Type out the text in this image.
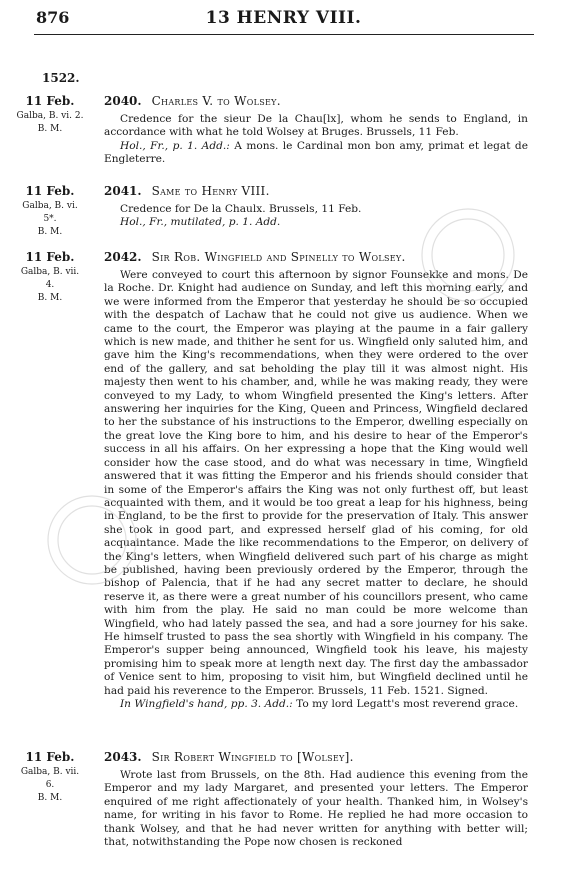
876	13 HENRY VIII.
1522.
11 Feb.
Galba, B. vi. 2.
B. M.
2040. Charles V. to Wolsey.

Credence for the sieur De la Chau[lx], whom he sends to England, in accordance with what he told Wolsey at Bruges. Brussels, 11 Feb.

Hol., Fr., p. 1. Add.: A mons. le Cardinal mon bon amy, primat et legat de Engleterre.

11 Feb.
Galba, B. vi.
5*.
B. M.
2041. Same to Henry VIII.

Credence for De la Chaulx. Brussels, 11 Feb.

Hol., Fr., mutilated, p. 1. Add.

11 Feb.
Galba, B. vii.
4.
B. M.
2042. Sir Rob. Wingfield and Spinelly to Wolsey.

Were conveyed to court this afternoon by signor Founsekke and mons. De la Roche. Dr. Knight had audience on Sunday, and left this morning early, and we were informed from the Emperor that yesterday he should be so occupied with the despatch of Lachaw that he could not give us audience. When we came to the court, the Emperor was playing at the paume in a fair gallery which is new made, and thither he sent for us. Wingfield only saluted him, and gave him the King's recommendations, when they were ordered to the over end of the gallery, and sat beholding the play till it was almost night. His majesty then went to his chamber, and, while he was making ready, they were conveyed to my Lady, to whom Wingfield presented the King's letters. After answering her inquiries for the King, Queen and Princess, Wingfield declared to her the substance of his instructions to the Emperor, dwelling especially on the great love the King bore to him, and his desire to hear of the Emperor's success in all his affairs. On her expressing a hope that the King would well consider how the case stood, and do what was necessary in time, Wingfield answered that it was fitting the Emperor and his friends should consider that in some of the Emperor's affairs the King was not only furthest off, but least acquainted with them, and it would be too great a leap for his highness, being in England, to be the first to provide for the preservation of Italy. This answer she took in good part, and expressed herself glad of his coming, for old acquaintance. Made the like recommendations to the Emperor, on delivery of the King's letters, when Wingfield delivered such part of his charge as might be published, having been previously ordered by the Emperor, through the bishop of Palencia, that if he had any secret matter to declare, he should reserve it, as there were a great number of his councillors present, who came with him from the play. He said no man could be more welcome than Wingfield, who had lately passed the sea, and had a sore journey for his sake. He himself trusted to pass the sea shortly with Wingfield in his company. The Emperor's supper being announced, Wingfield took his leave, his majesty promising him to speak more at length next day. The first day the ambassador of Venice sent to him, proposing to visit him, but Wingfield declined until he had paid his reverence to the Emperor. Brussels, 11 Feb. 1521. Signed.

In Wingfield's hand, pp. 3. Add.: To my lord Legatt's most reverend grace.

11 Feb.
Galba, B. vii.
6.
B. M.
2043. Sir Robert Wingfield to [Wolsey].

Wrote last from Brussels, on the 8th. Had audience this evening from the Emperor and my lady Margaret, and presented your letters. The Emperor enquired of me right affectionately of your health. Thanked him, in Wolsey's name, for writing in his favor to Rome. He replied he had more occasion to thank Wolsey, and that he had never written for anything with better will; that, notwithstanding the Pope now chosen is reckoned
